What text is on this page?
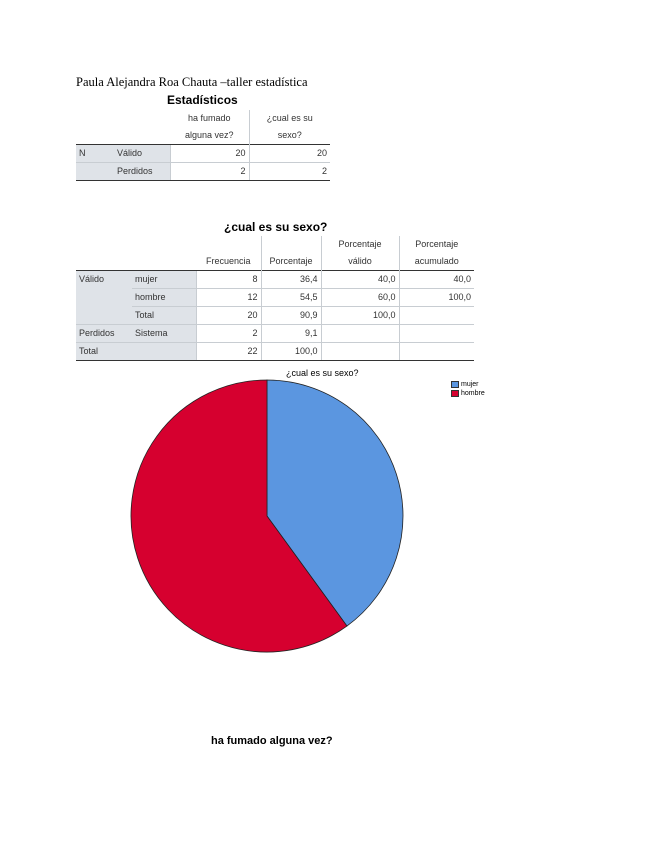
Paula Alejandra Roa Chauta –taller estadística
Estadísticos
		ha fumado	¿cual es su
		alguna vez?	sexo?
N	Válido	20	20
	Perdidos	2	2
¿cual es su sexo?
				Porcentaje	Porcentaje
		Frecuencia	Porcentaje	válido	acumulado
Válido	mujer	8	36,4	40,0	40,0
	hombre	12	54,5	60,0	100,0
	Total	20	90,9	100,0	
Perdidos	Sistema	2	9,1		
Total		22	100,0		
¿cual es su sexo?
mujer
hombre
ha fumado alguna vez?
